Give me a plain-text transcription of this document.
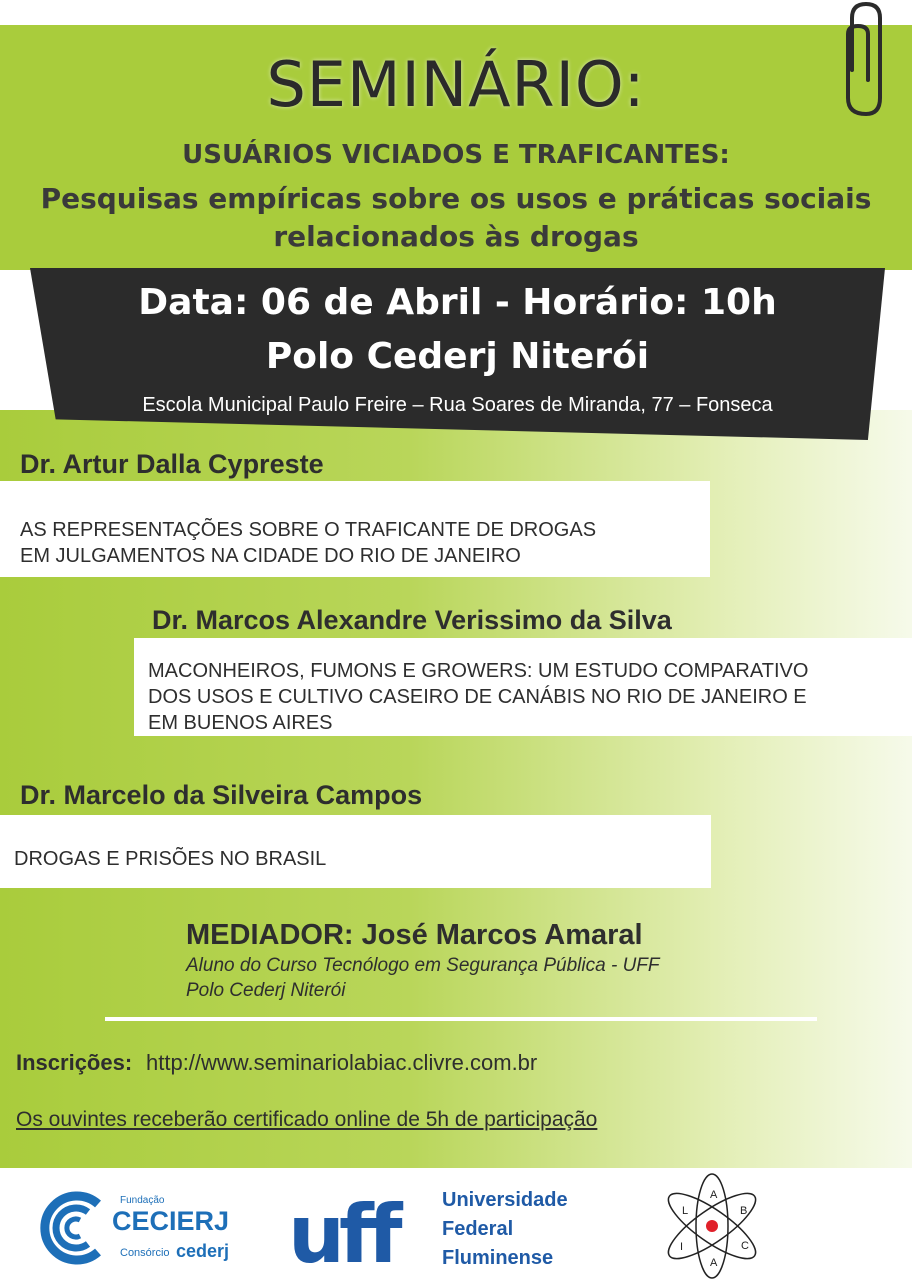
SEMINÁRIO:
USUÁRIOS VICIADOS E TRAFICANTES:
Pesquisas empíricas sobre os usos e práticas sociais
relacionados às drogas
Data: 06 de Abril - Horário: 10h
Polo Cederj Niterói
Escola Municipal Paulo Freire – Rua Soares de Miranda, 77 – Fonseca
Dr. Artur Dalla Cypreste
AS REPRESENTAÇÕES SOBRE O TRAFICANTE DE DROGAS
EM JULGAMENTOS NA CIDADE DO RIO DE JANEIRO
Dr. Marcos Alexandre Verissimo da Silva
MACONHEIROS, FUMONS E GROWERS: UM ESTUDO COMPARATIVO
DOS USOS E CULTIVO CASEIRO DE CANÁBIS NO RIO DE JANEIRO E
EM BUENOS AIRES
Dr. Marcelo da Silveira Campos
DROGAS E PRISÕES NO BRASIL
MEDIADOR: José Marcos Amaral
Aluno do Curso Tecnólogo em Segurança Pública - UFF
Polo Cederj Niterói
Inscrições: http://www.seminariolabiac.clivre.com.br
Os ouvintes receberão certificado online de 5h de participação
Fundação
CECIERJ
Consórcio cederj uff	Universidade
Federal
Fluminense
A
L	B
I	C
A
